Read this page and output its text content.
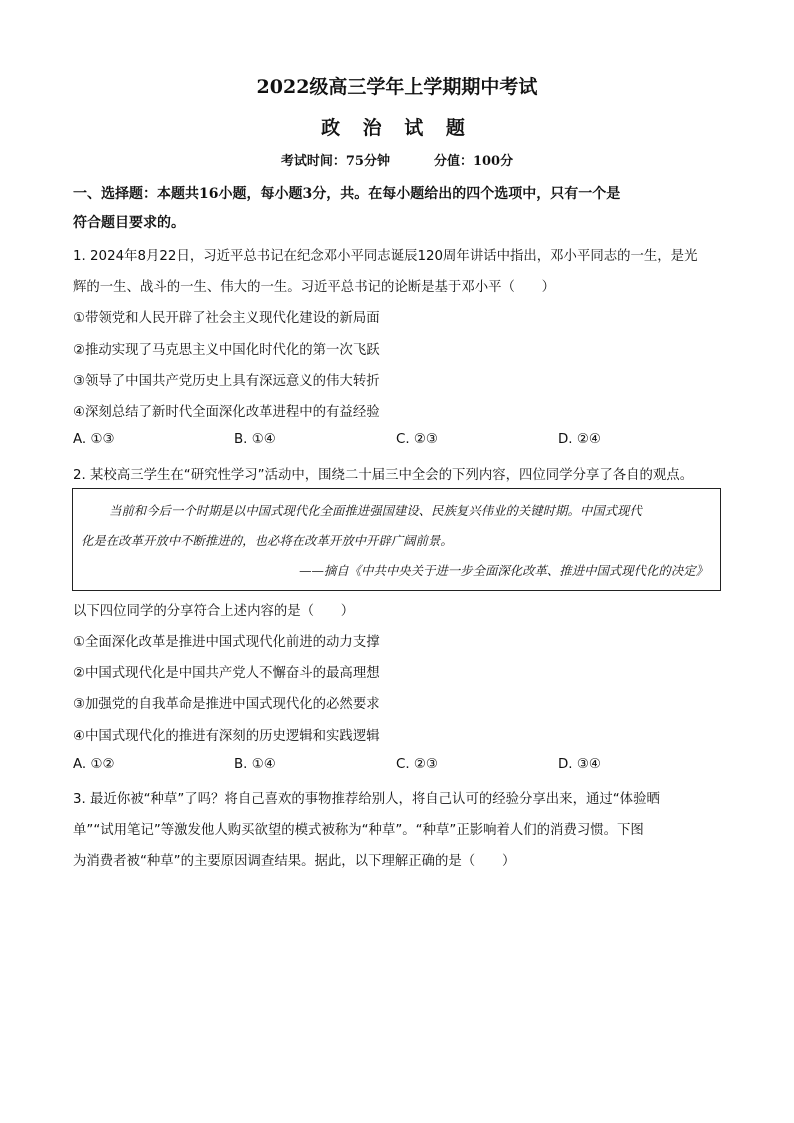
2022级高三学年上学期期中考试
政 治 试 题
考试时间：75分钟	分值：100分
一、选择题：本题共16小题，每小题3分，共。在每小题给出的四个选项中，只有一个是
符合题目要求的。
1. 2024年8月22日，习近平总书记在纪念邓小平同志诞辰120周年讲话中指出，邓小平同志的一生，是光
辉的一生、战斗的一生、伟大的一生。习近平总书记的论断是基于邓小平（　　）
①带领党和人民开辟了社会主义现代化建设的新局面
②推动实现了马克思主义中国化时代化的第一次飞跃
③领导了中国共产党历史上具有深远意义的伟大转折
④深刻总结了新时代全面深化改革进程中的有益经验
A. ①③	B. ①④	C. ②③	D. ②④
2. 某校高三学生在“研究性学习”活动中，围绕二十届三中全会的下列内容，四位同学分享了各自的观点。
当前和今后一个时期是以中国式现代化全面推进强国建设、民族复兴伟业的关键时期。中国式现代
化是在改革开放中不断推进的，也必将在改革开放中开辟广阔前景。
——摘自《中共中央关于进一步全面深化改革、推进中国式现代化的决定》
以下四位同学的分享符合上述内容的是（　　）
①全面深化改革是推进中国式现代化前进的动力支撑
②中国式现代化是中国共产党人不懈奋斗的最高理想
③加强党的自我革命是推进中国式现代化的必然要求
④中国式现代化的推进有深刻的历史逻辑和实践逻辑
A. ①②	B. ①④	C. ②③	D. ③④
3. 最近你被“种草”了吗？将自己喜欢的事物推荐给别人，将自己认可的经验分享出来，通过“体验晒
单”“试用笔记”等激发他人购买欲望的模式被称为“种草”。“种草”正影响着人们的消费习惯。下图
为消费者被“种草”的主要原因调查结果。据此，以下理解正确的是（　　）
